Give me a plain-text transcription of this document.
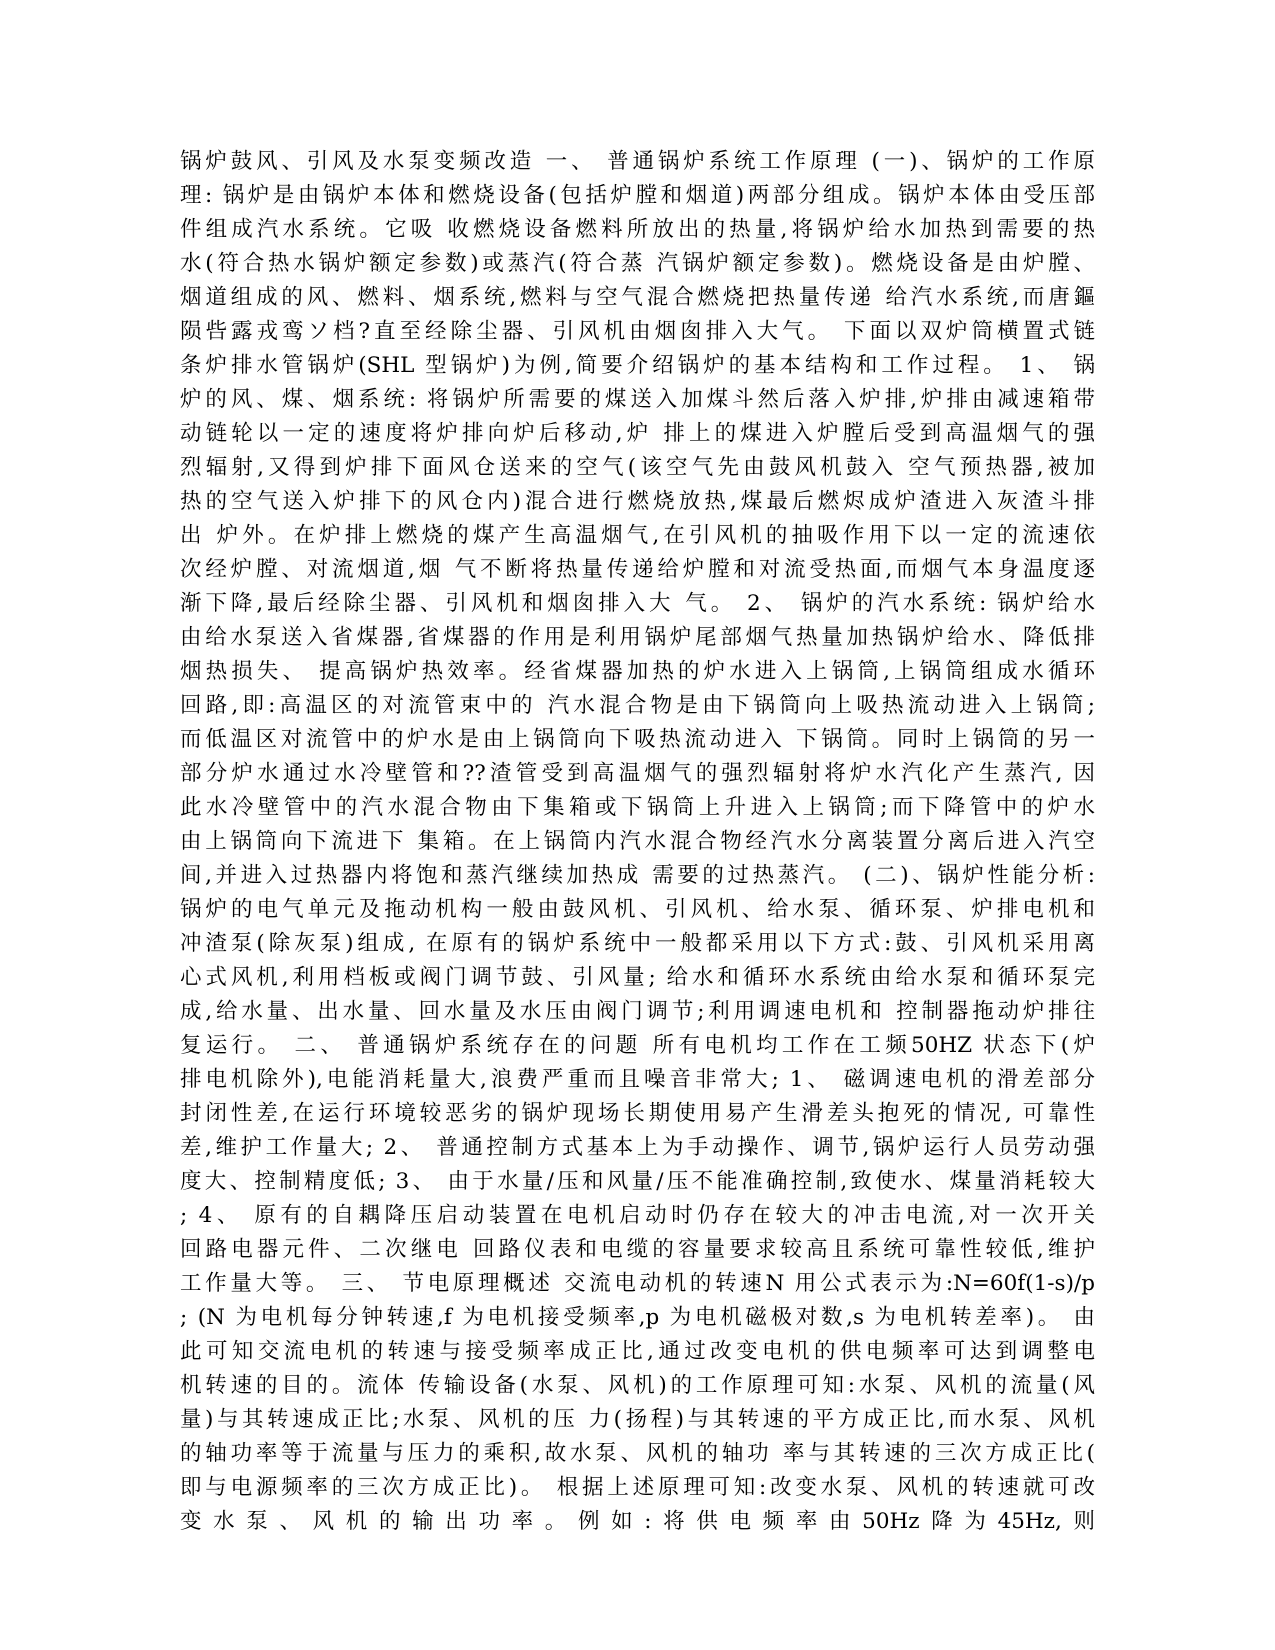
锅炉鼓风、引风及水泵变频改造 一、 普通锅炉系统工作原理 (一)、锅炉的工作原
理: 锅炉是由锅炉本体和燃烧设备(包括炉膛和烟道)两部分组成。锅炉本体由受压部
件组成汽水系统。它吸 收燃烧设备燃料所放出的热量,将锅炉给水加热到需要的热
水(符合热水锅炉额定参数)或蒸汽(符合蒸 汽锅炉额定参数)。燃烧设备是由炉膛、
烟道组成的风、燃料、烟系统,燃料与空气混合燃烧把热量传递 给汽水系统,而唐鏂
陨呰露戎鸾ソ档?直至经除尘器、引风机由烟囱排入大气。 下面以双炉筒横置式链
条炉排水管锅炉(SHL 型锅炉)为例,简要介绍锅炉的基本结构和工作过程。 1、 锅
炉的风、煤、烟系统: 将锅炉所需要的煤送入加煤斗然后落入炉排,炉排由减速箱带
动链轮以一定的速度将炉排向炉后移动,炉 排上的煤进入炉膛后受到高温烟气的强
烈辐射,又得到炉排下面风仓送来的空气(该空气先由鼓风机鼓入 空气预热器,被加
热的空气送入炉排下的风仓内)混合进行燃烧放热,煤最后燃烬成炉渣进入灰渣斗排
出 炉外。在炉排上燃烧的煤产生高温烟气,在引风机的抽吸作用下以一定的流速依
次经炉膛、对流烟道,烟 气不断将热量传递给炉膛和对流受热面,而烟气本身温度逐
渐下降,最后经除尘器、引风机和烟囱排入大 气。 2、 锅炉的汽水系统: 锅炉给水
由给水泵送入省煤器,省煤器的作用是利用锅炉尾部烟气热量加热锅炉给水、降低排
烟热损失、 提高锅炉热效率。经省煤器加热的炉水进入上锅筒,上锅筒组成水循环
回路,即:高温区的对流管束中的 汽水混合物是由下锅筒向上吸热流动进入上锅筒;
而低温区对流管中的炉水是由上锅筒向下吸热流动进入 下锅筒。同时上锅筒的另一
部分炉水通过水冷壁管和??渣管受到高温烟气的强烈辐射将炉水汽化产生蒸汽, 因
此水冷壁管中的汽水混合物由下集箱或下锅筒上升进入上锅筒;而下降管中的炉水
由上锅筒向下流进下 集箱。在上锅筒内汽水混合物经汽水分离装置分离后进入汽空
间,并进入过热器内将饱和蒸汽继续加热成 需要的过热蒸汽。 (二)、锅炉性能分析:
锅炉的电气单元及拖动机构一般由鼓风机、引风机、给水泵、循环泵、炉排电机和
冲渣泵(除灰泵)组成, 在原有的锅炉系统中一般都采用以下方式:鼓、引风机采用离
心式风机,利用档板或阀门调节鼓、引风量; 给水和循环水系统由给水泵和循环泵完
成,给水量、出水量、回水量及水压由阀门调节;利用调速电机和 控制器拖动炉排往
复运行。 二、 普通锅炉系统存在的问题 所有电机均工作在工频50HZ 状态下(炉
排电机除外),电能消耗量大,浪费严重而且噪音非常大; 1、 磁调速电机的滑差部分
封闭性差,在运行环境较恶劣的锅炉现场长期使用易产生滑差头抱死的情况, 可靠性
差,维护工作量大; 2、 普通控制方式基本上为手动操作、调节,锅炉运行人员劳动强
度大、控制精度低; 3、 由于水量/压和风量/压不能准确控制,致使水、煤量消耗较大
; 4、 原有的自耦降压启动装置在电机启动时仍存在较大的冲击电流,对一次开关
回路电器元件、二次继电 回路仪表和电缆的容量要求较高且系统可靠性较低,维护
工作量大等。 三、 节电原理概述 交流电动机的转速N 用公式表示为:N=60f(1-s)/p
; (N 为电机每分钟转速,f 为电机接受频率,p 为电机磁极对数,s 为电机转差率)。 由
此可知交流电机的转速与接受频率成正比,通过改变电机的供电频率可达到调整电
机转速的目的。流体 传输设备(水泵、风机)的工作原理可知:水泵、风机的流量(风
量)与其转速成正比;水泵、风机的压 力(扬程)与其转速的平方成正比,而水泵、风机
的轴功率等于流量与压力的乘积,故水泵、风机的轴功 率与其转速的三次方成正比(
即与电源频率的三次方成正比)。 根据上述原理可知:改变水泵、风机的转速就可改
变水泵、风机的输出功率。例如:将供电频率由50Hz降为45Hz,则
